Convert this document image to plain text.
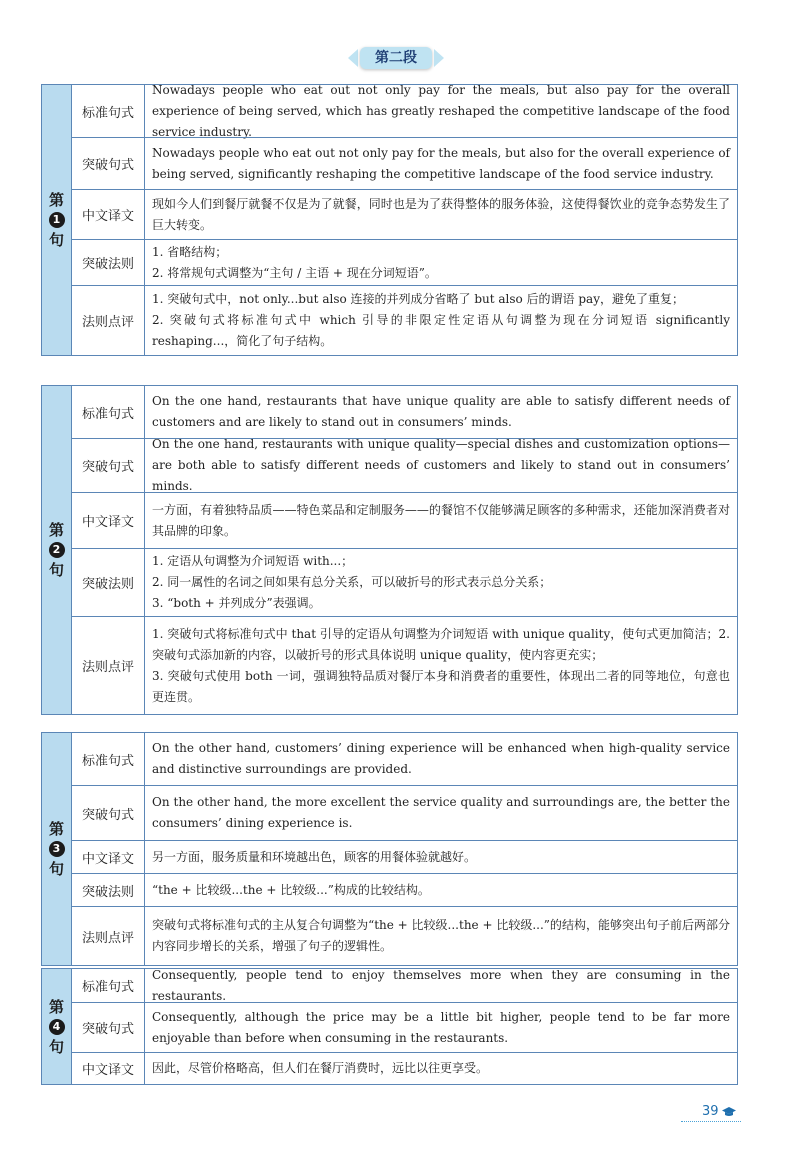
第二段
第
1
句
标准句式
Nowadays people who eat out not only pay for the meals, but also pay for the overall experience of being served, which has greatly reshaped the competitive landscape of the food service industry.
突破句式
Nowadays people who eat out not only pay for the meals, but also for the overall experience of being served, significantly reshaping the competitive landscape of the food service industry.
中文译文
现如今人们到餐厅就餐不仅是为了就餐，同时也是为了获得整体的服务体验，这使得餐饮业的竞争态势发生了巨大转变。
突破法则
1. 省略结构；
2. 将常规句式调整为“主句 / 主语 + 现在分词短语”。
法则点评
1. 突破句式中，not only...but also 连接的并列成分省略了 but also 后的谓语 pay，避免了重复；
2. 突破句式将标准句式中 which 引导的非限定性定语从句调整为现在分词短语 significantly reshaping...，简化了句子结构。
第
2
句
标准句式
On the one hand, restaurants that have unique quality are able to satisfy different needs of customers and are likely to stand out in consumers’ minds.
突破句式
On the one hand, restaurants with unique quality—special dishes and customization options—are both able to satisfy different needs of customers and likely to stand out in consumers’ minds.
中文译文
一方面，有着独特品质——特色菜品和定制服务——的餐馆不仅能够满足顾客的多种需求，还能加深消费者对其品牌的印象。
突破法则
1. 定语从句调整为介词短语 with...；
2. 同一属性的名词之间如果有总分关系，可以破折号的形式表示总分关系；
3. “both + 并列成分”表强调。
法则点评
1. 突破句式将标准句式中 that 引导的定语从句调整为介词短语 with unique quality，使句式更加简洁；2. 突破句式添加新的内容，以破折号的形式具体说明 unique quality，使内容更充实；
3. 突破句式使用 both 一词，强调独特品质对餐厅本身和消费者的重要性，体现出二者的同等地位，句意也更连贯。
第
3
句
标准句式
On the other hand, customers’ dining experience will be enhanced when high-quality service and distinctive surroundings are provided.
突破句式
On the other hand, the more excellent the service quality and surroundings are, the better the consumers’ dining experience is.
中文译文	另一方面，服务质量和环境越出色，顾客的用餐体验就越好。
突破法则	“the + 比较级...the + 比较级...”构成的比较结构。
法则点评
突破句式将标准句式的主从复合句调整为“the + 比较级...the + 比较级...”的结构，能够突出句子前后两部分内容同步增长的关系，增强了句子的逻辑性。
第
4
句
标准句式
Consequently, people tend to enjoy themselves more when they are consuming in the restaurants.
突破句式
Consequently, although the price may be a little bit higher, people tend to be far more enjoyable than before when consuming in the restaurants.
中文译文	因此，尽管价格略高，但人们在餐厅消费时，远比以往更享受。
39
